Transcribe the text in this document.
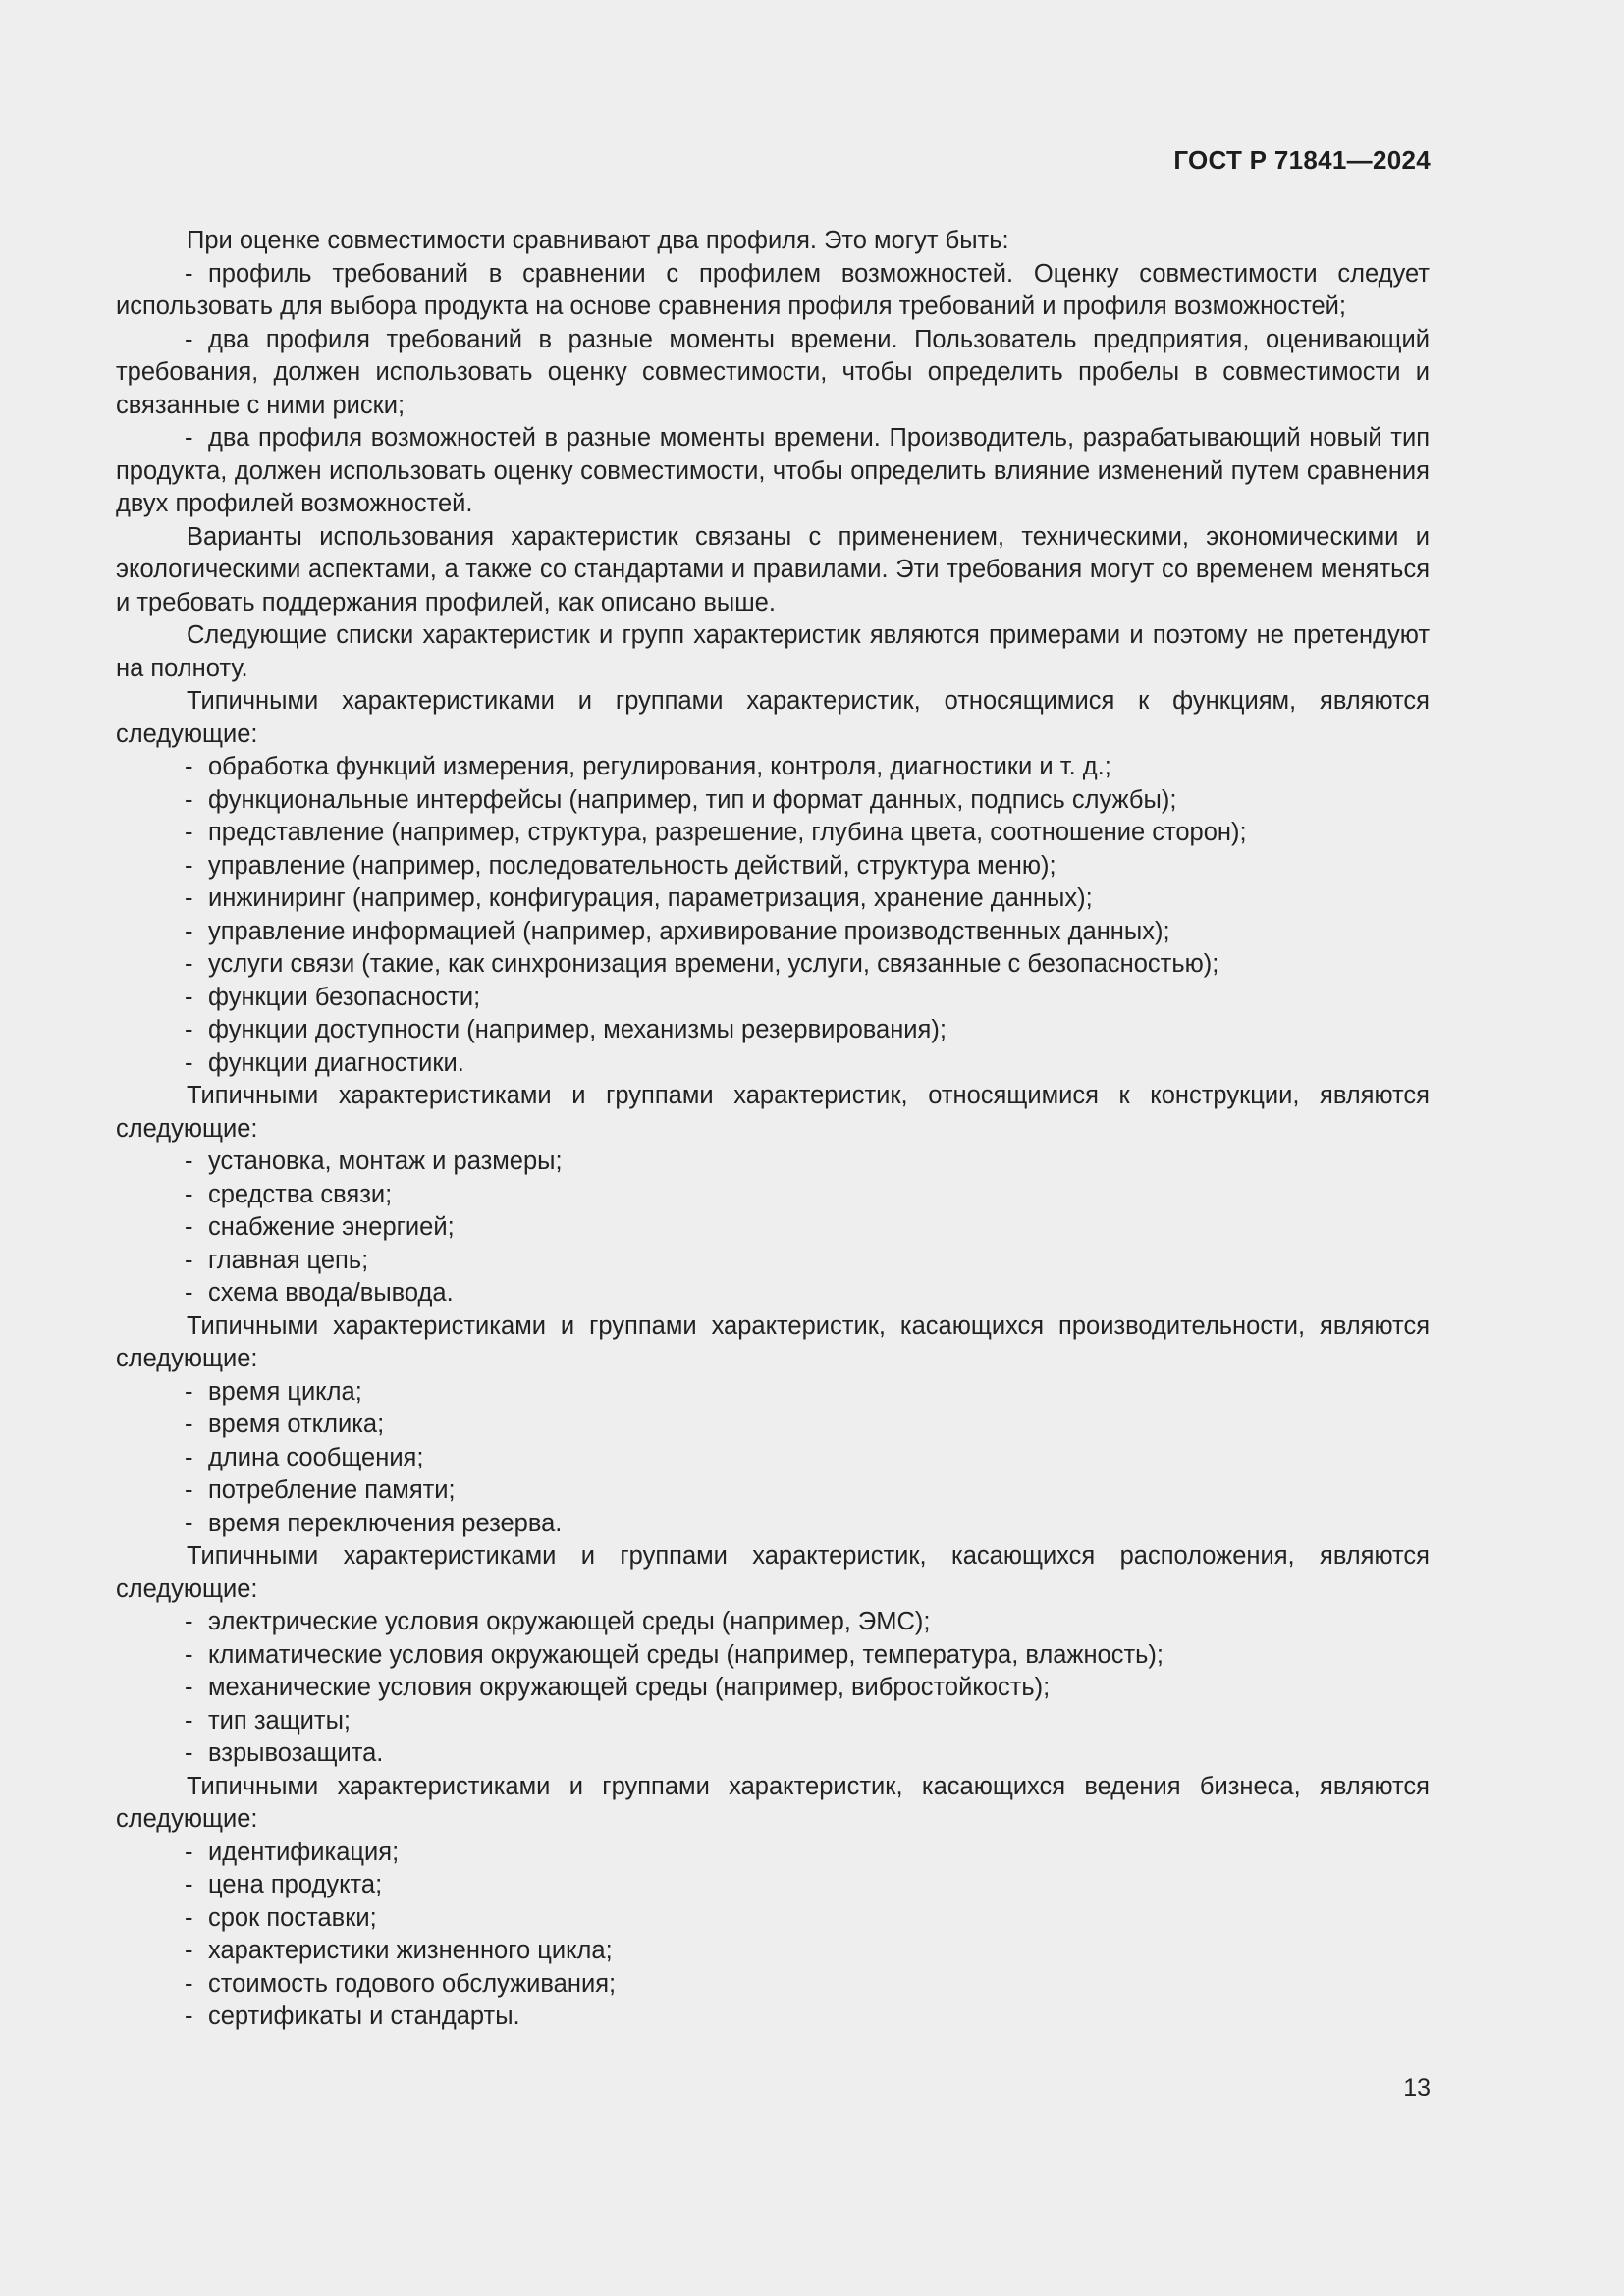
ГОСТ Р 71841—2024

При оценке совместимости сравнивают два профиля. Это могут быть:

- профиль требований в сравнении с профилем возможностей. Оценку совместимости следует использовать для выбора продукта на основе сравнения профиля требований и профиля возможностей;

- два профиля требований в разные моменты времени. Пользователь предприятия, оценивающий требования, должен использовать оценку совместимости, чтобы определить пробелы в совместимости и связанные с ними риски;

- два профиля возможностей в разные моменты времени. Производитель, разрабатывающий новый тип продукта, должен использовать оценку совместимости, чтобы определить влияние изменений путем сравнения двух профилей возможностей.

Варианты использования характеристик связаны с применением, техническими, экономическими и экологическими аспектами, а также со стандартами и правилами. Эти требования могут со временем меняться и требовать поддержания профилей, как описано выше.

Следующие списки характеристик и групп характеристик являются примерами и поэтому не претендуют на полноту.

Типичными характеристиками и группами характеристик, относящимися к функциям, являются следующие:

- обработка функций измерения, регулирования, контроля, диагностики и т. д.;
- функциональные интерфейсы (например, тип и формат данных, подпись службы);
- представление (например, структура, разрешение, глубина цвета, соотношение сторон);
- управление (например, последовательность действий, структура меню);
- инжиниринг (например, конфигурация, параметризация, хранение данных);
- управление информацией (например, архивирование производственных данных);
- услуги связи (такие, как синхронизация времени, услуги, связанные с безопасностью);
- функции безопасности;
- функции доступности (например, механизмы резервирования);
- функции диагностики.

Типичными характеристиками и группами характеристик, относящимися к конструкции, являются следующие:

- установка, монтаж и размеры;
- средства связи;
- снабжение энергией;
- главная цепь;
- схема ввода/вывода.

Типичными характеристиками и группами характеристик, касающихся производительности, являются следующие:

- время цикла;
- время отклика;
- длина сообщения;
- потребление памяти;
- время переключения резерва.

Типичными характеристиками и группами характеристик, касающихся расположения, являются следующие:

- электрические условия окружающей среды (например, ЭМС);
- климатические условия окружающей среды (например, температура, влажность);
- механические условия окружающей среды (например, вибростойкость);
- тип защиты;
- взрывозащита.

Типичными характеристиками и группами характеристик, касающихся ведения бизнеса, являются следующие:

- идентификация;
- цена продукта;
- срок поставки;
- характеристики жизненного цикла;
- стоимость годового обслуживания;
- сертификаты и стандарты.
13
